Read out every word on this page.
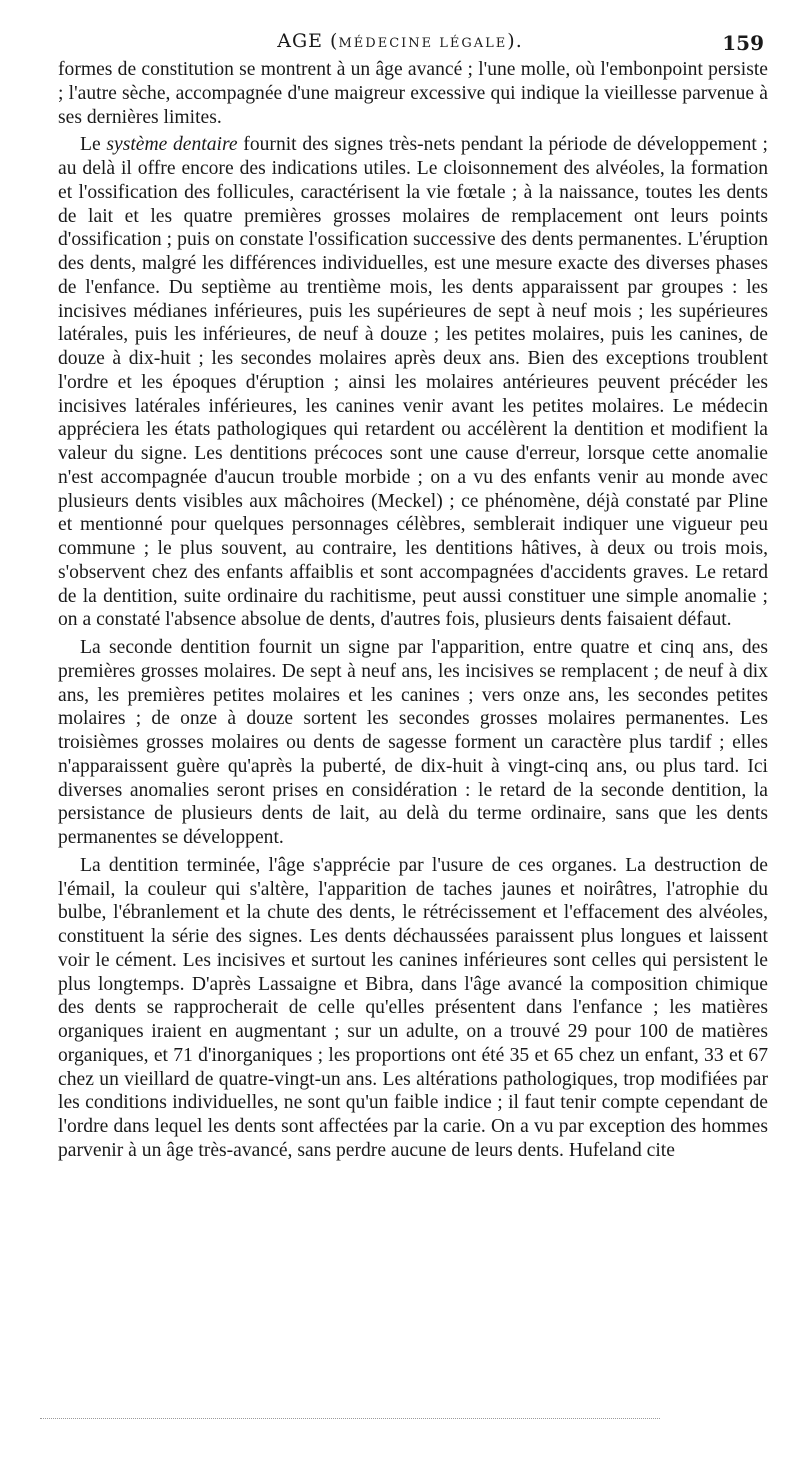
AGE (MÉDECINE LÉGALE).	159

formes de constitution se montrent à un âge avancé ; l'une molle, où l'embonpoint persiste ; l'autre sèche, accompagnée d'une maigreur excessive qui indique la vieillesse parvenue à ses dernières limites.

Le système dentaire fournit des signes très-nets pendant la période de développement ; au delà il offre encore des indications utiles. Le cloisonnement des alvéoles, la formation et l'ossification des follicules, caractérisent la vie fœtale ; à la naissance, toutes les dents de lait et les quatre premières grosses molaires de remplacement ont leurs points d'ossification ; puis on constate l'ossification successive des dents permanentes. L'éruption des dents, malgré les différences individuelles, est une mesure exacte des diverses phases de l'enfance. Du septième au trentième mois, les dents apparaissent par groupes : les incisives médianes inférieures, puis les supérieures de sept à neuf mois ; les supérieures latérales, puis les inférieures, de neuf à douze ; les petites molaires, puis les canines, de douze à dix-huit ; les secondes molaires après deux ans. Bien des exceptions troublent l'ordre et les époques d'éruption ; ainsi les molaires antérieures peuvent précéder les incisives latérales inférieures, les canines venir avant les petites molaires. Le médecin appréciera les états pathologiques qui retardent ou accélèrent la dentition et modifient la valeur du signe. Les dentitions précoces sont une cause d'erreur, lorsque cette anomalie n'est accompagnée d'aucun trouble morbide ; on a vu des enfants venir au monde avec plusieurs dents visibles aux mâchoires (Meckel) ; ce phénomène, déjà constaté par Pline et mentionné pour quelques personnages célèbres, semblerait indiquer une vigueur peu commune ; le plus souvent, au contraire, les dentitions hâtives, à deux ou trois mois, s'observent chez des enfants affaiblis et sont accompagnées d'accidents graves. Le retard de la dentition, suite ordinaire du rachitisme, peut aussi constituer une simple anomalie ; on a constaté l'absence absolue de dents, d'autres fois, plusieurs dents faisaient défaut.

La seconde dentition fournit un signe par l'apparition, entre quatre et cinq ans, des premières grosses molaires. De sept à neuf ans, les incisives se remplacent ; de neuf à dix ans, les premières petites molaires et les canines ; vers onze ans, les secondes petites molaires ; de onze à douze sortent les secondes grosses molaires permanentes. Les troisièmes grosses molaires ou dents de sagesse forment un caractère plus tardif ; elles n'apparaissent guère qu'après la puberté, de dix-huit à vingt-cinq ans, ou plus tard. Ici diverses anomalies seront prises en considération : le retard de la seconde dentition, la persistance de plusieurs dents de lait, au delà du terme ordinaire, sans que les dents permanentes se développent.

La dentition terminée, l'âge s'apprécie par l'usure de ces organes. La destruction de l'émail, la couleur qui s'altère, l'apparition de taches jaunes et noirâtres, l'atrophie du bulbe, l'ébranlement et la chute des dents, le rétrécissement et l'effacement des alvéoles, constituent la série des signes. Les dents déchaussées paraissent plus longues et laissent voir le cément. Les incisives et surtout les canines inférieures sont celles qui persistent le plus longtemps. D'après Lassaigne et Bibra, dans l'âge avancé la composition chimique des dents se rapprocherait de celle qu'elles présentent dans l'enfance ; les matières organiques iraient en augmentant ; sur un adulte, on a trouvé 29 pour 100 de matières organiques, et 71 d'inorganiques ; les proportions ont été 35 et 65 chez un enfant, 33 et 67 chez un vieillard de quatre-vingt-un ans. Les altérations pathologiques, trop modifiées par les conditions individuelles, ne sont qu'un faible indice ; il faut tenir compte cependant de l'ordre dans lequel les dents sont affectées par la carie. On a vu par exception des hommes parvenir à un âge très-avancé, sans perdre aucune de leurs dents. Hufeland cite
